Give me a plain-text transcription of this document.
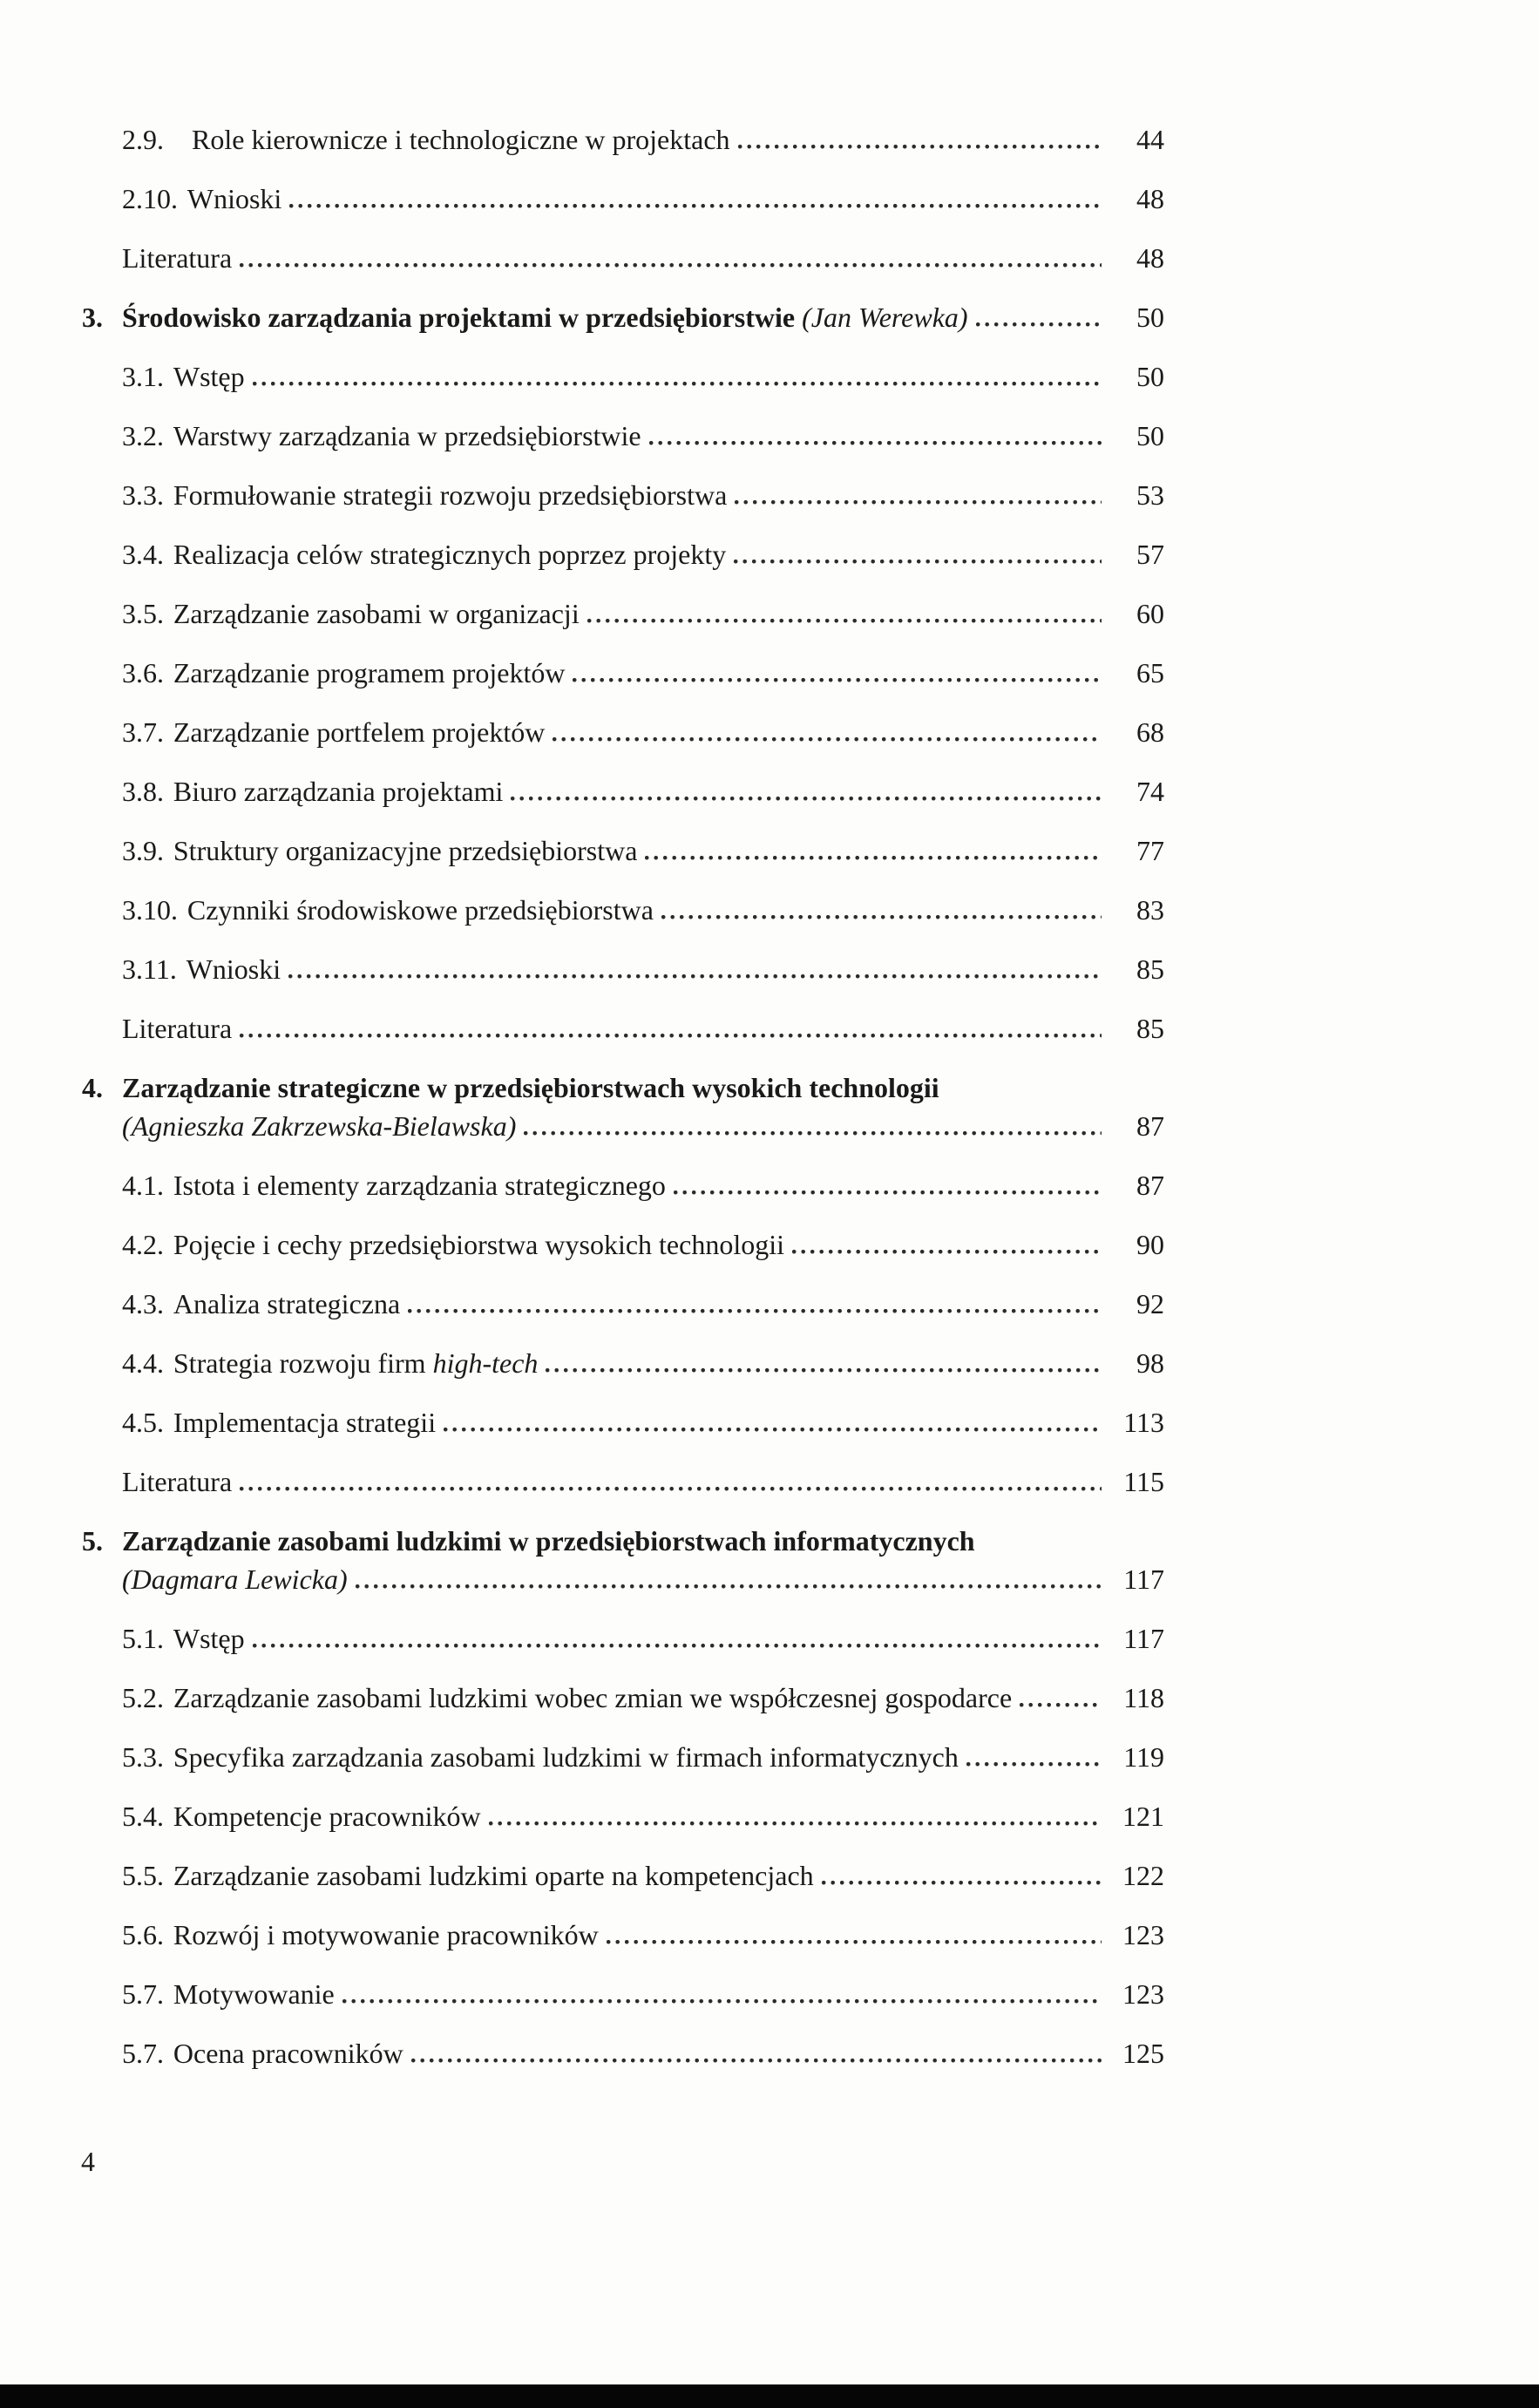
2.9. Role kierownicze i technologiczne w projektach	44
2.10. Wnioski	48
Literatura	48
3. Środowisko zarządzania projektami w przedsiębiorstwie (Jan Werewka)	50
3.1. Wstęp	50
3.2. Warstwy zarządzania w przedsiębiorstwie	50
3.3. Formułowanie strategii rozwoju przedsiębiorstwa	53
3.4. Realizacja celów strategicznych poprzez projekty	57
3.5. Zarządzanie zasobami w organizacji	60
3.6. Zarządzanie programem projektów	65
3.7. Zarządzanie portfelem projektów	68
3.8. Biuro zarządzania projektami	74
3.9. Struktury organizacyjne przedsiębiorstwa	77
3.10. Czynniki środowiskowe przedsiębiorstwa	83
3.11. Wnioski	85
Literatura	85
4. Zarządzanie strategiczne w przedsiębiorstwach wysokich technologii
(Agnieszka Zakrzewska-Bielawska)	87
4.1. Istota i elementy zarządzania strategicznego	87
4.2. Pojęcie i cechy przedsiębiorstwa wysokich technologii	90
4.3. Analiza strategiczna	92
4.4. Strategia rozwoju firm high-tech	98
4.5. Implementacja strategii	113
Literatura	115
5. Zarządzanie zasobami ludzkimi w przedsiębiorstwach informatycznych
(Dagmara Lewicka)	117
5.1. Wstęp	117
5.2. Zarządzanie zasobami ludzkimi wobec zmian we współczesnej gospodarce	118
5.3. Specyfika zarządzania zasobami ludzkimi w firmach informatycznych	119
5.4. Kompetencje pracowników	121
5.5. Zarządzanie zasobami ludzkimi oparte na kompetencjach	122
5.6. Rozwój i motywowanie pracowników	123
5.7. Motywowanie	123
5.7. Ocena pracowników	125
4
